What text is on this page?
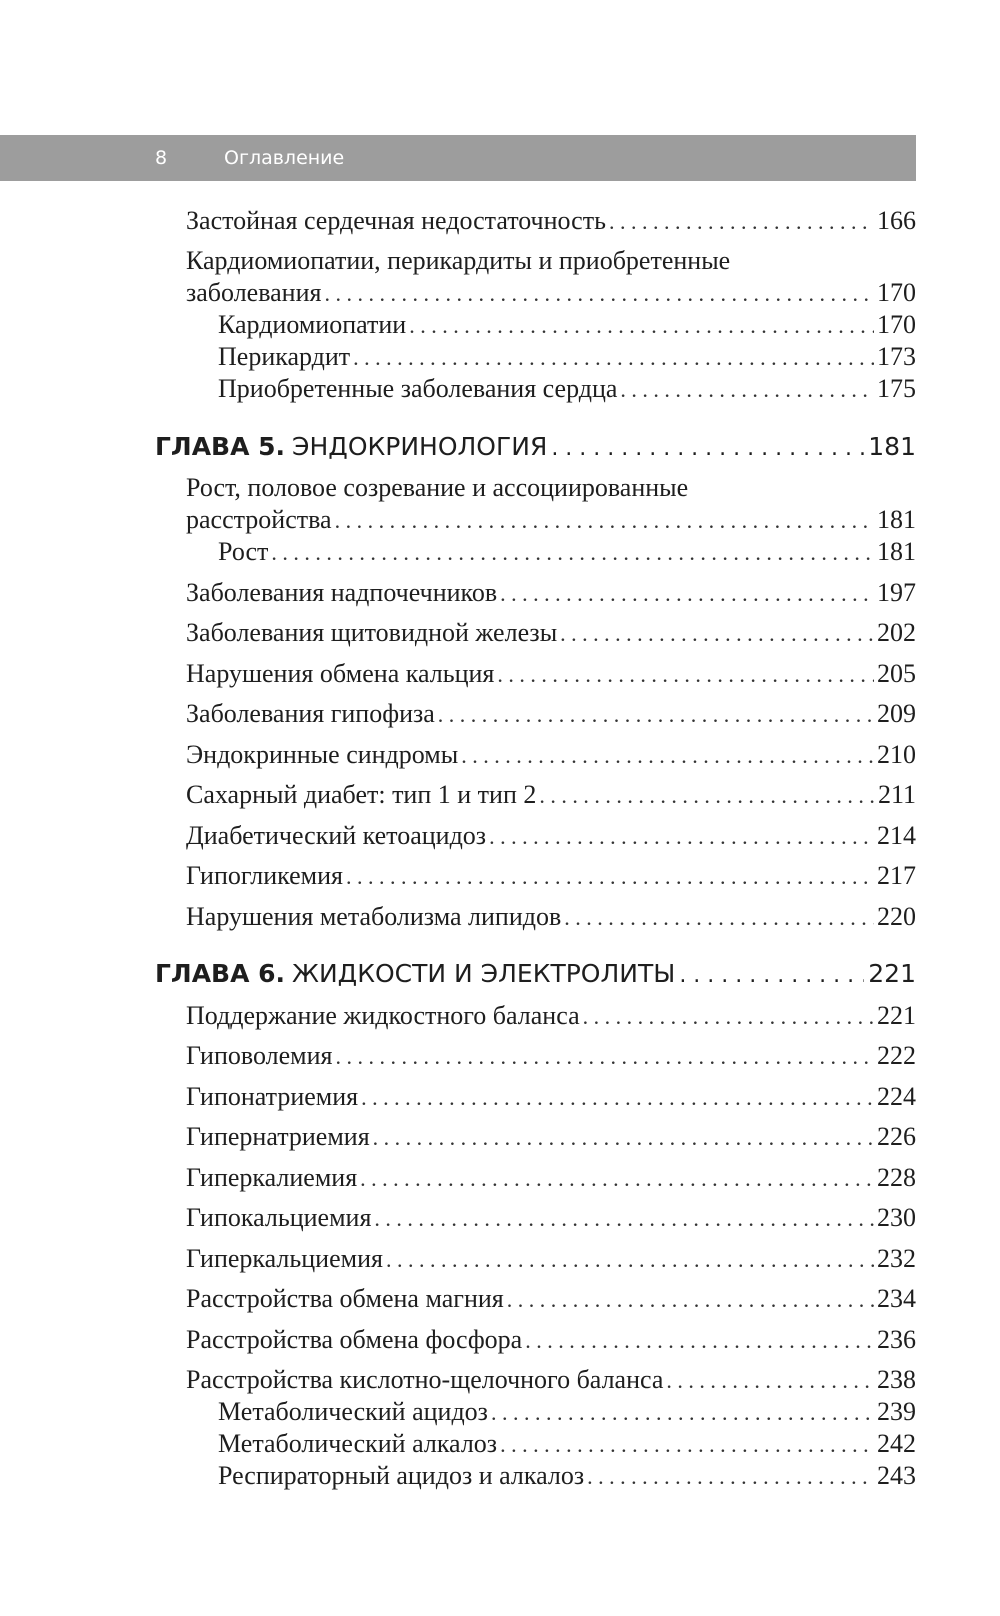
8	Оглавление
Застойная сердечная недостаточность . . .	166
Кардиомиопатии, перикардиты и приобретенные
заболевания . . .	170
Кардиомиопатии . . .	170
Перикардит . . .	173
Приобретенные заболевания сердца . . .	175
ГЛАВА 5. ЭНДОКРИНОЛОГИЯ . . .	181
Рост, половое созревание и ассоциированные
расстройства . . .	181
Рост . . .	181
Заболевания надпочечников . . .	197
Заболевания щитовидной железы . . .	202
Нарушения обмена кальция . . .	205
Заболевания гипофиза . . .	209
Эндокринные синдромы . . .	210
Сахарный диабет: тип 1 и тип 2 . . .	211
Диабетический кетоацидоз . . .	214
Гипогликемия . . .	217
Нарушения метаболизма липидов . . .	220
ГЛАВА 6. ЖИДКОСТИ И ЭЛЕКТРОЛИТЫ . . .	221
Поддержание жидкостного баланса . . .	221
Гиповолемия . . .	222
Гипонатриемия . . .	224
Гипернатриемия . . .	226
Гиперкалиемия . . .	228
Гипокальциемия . . .	230
Гиперкальциемия . . .	232
Расстройства обмена магния . . .	234
Расстройства обмена фосфора . . .	236
Расстройства кислотно-щелочного баланса . . .	238
Метаболический ацидоз . . .	239
Метаболический алкалоз . . .	242
Респираторный ацидоз и алкалоз . . .	243
